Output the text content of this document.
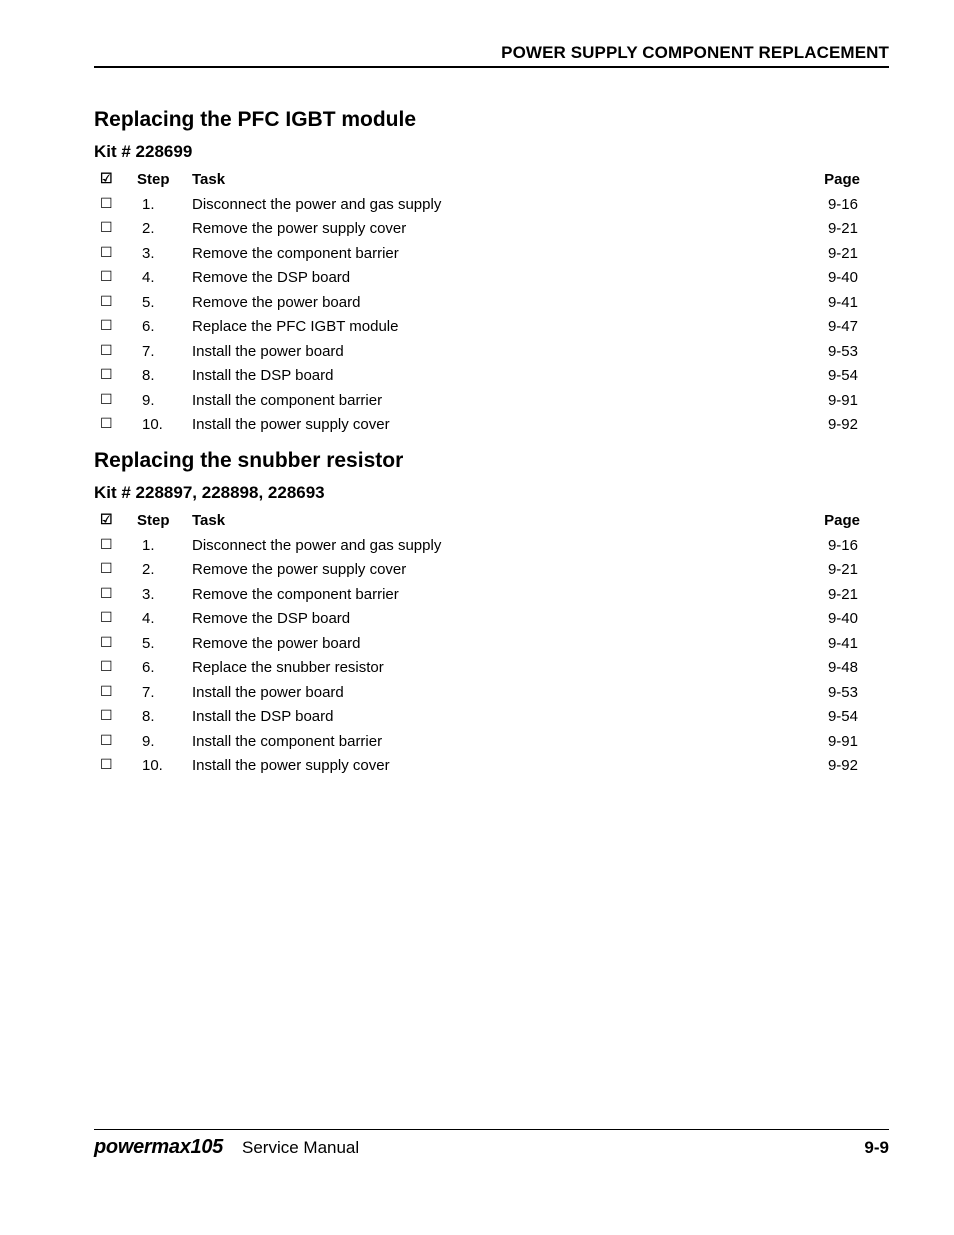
POWER SUPPLY COMPONENT REPLACEMENT
Replacing the PFC IGBT module
Kit # 228699
☑ Step Task	Page
☐ 1. Disconnect the power and gas supply	9-16
☐ 2. Remove the power supply cover	9-21
☐ 3. Remove the component barrier	9-21
☐ 4. Remove the DSP board	9-40
☐ 5. Remove the power board	9-41
☐ 6. Replace the PFC IGBT module	9-47
☐ 7. Install the power board	9-53
☐ 8. Install the DSP board	9-54
☐ 9. Install the component barrier	9-91
☐ 10. Install the power supply cover	9-92
Replacing the snubber resistor
Kit # 228897, 228898, 228693
☑ Step Task	Page
☐ 1. Disconnect the power and gas supply	9-16
☐ 2. Remove the power supply cover	9-21
☐ 3. Remove the component barrier	9-21
☐ 4. Remove the DSP board	9-40
☐ 5. Remove the power board	9-41
☐ 6. Replace the snubber resistor	9-48
☐ 7. Install the power board	9-53
☐ 8. Install the DSP board	9-54
☐ 9. Install the component barrier	9-91
☐ 10. Install the power supply cover	9-92
powermax105 Service Manual	9-9
